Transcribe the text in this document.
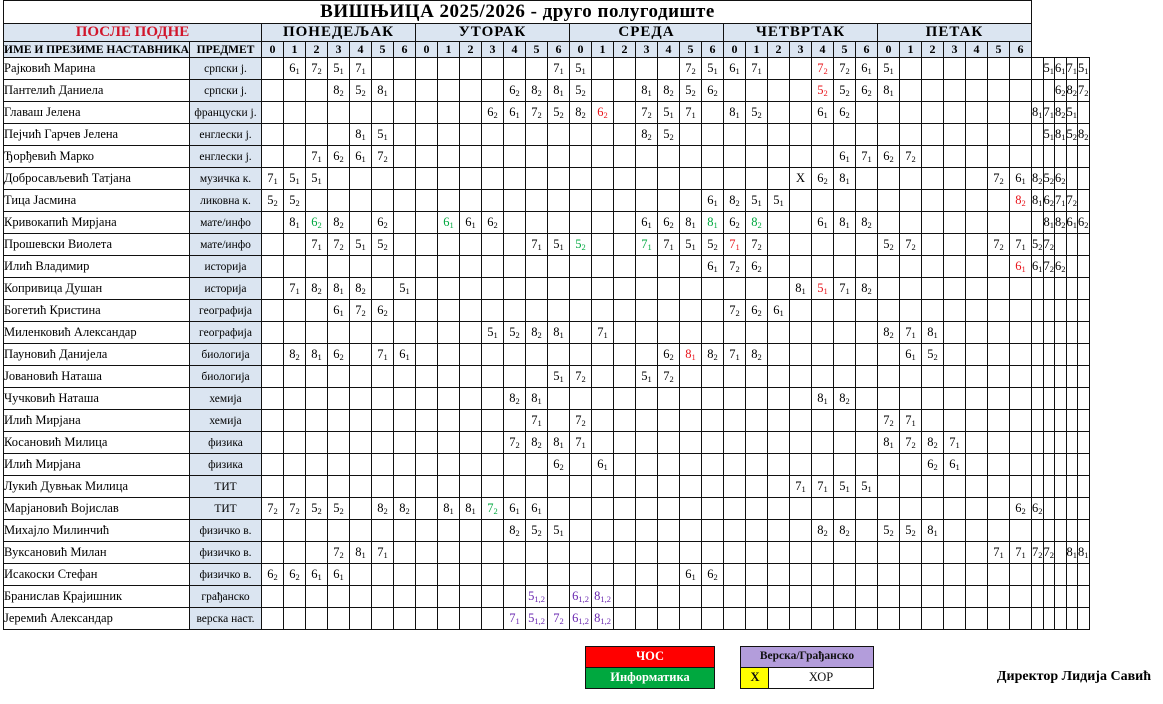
ВИШЊИЦА 2025/2026 - друго полугодиште																																									
ПОСЛЕ ПОДНЕ		ПОНЕДЕЉАК							УТОРАК							СРЕДА							ЧЕТВРТАК							ПЕТАК											
ИМЕ И ПРЕЗИМЕ НАСТАВНИКА	ПРЕДМЕТ	0	1	2	3	4	5	6	0	1	2	3	4	5	6	0	1	2	3	4	5	6	0	1	2	3	4	5	6	0	1	2	3	4	5	6					
Рајковић Марина	српски ј.		$6_1$	$7_2$	$5_1$	$7_1$									$7_1$	$5_1$					$7_2$	$5_1$	$6_1$	$7_1$			$7_2$	$7_2$	$6_1$	$5_1$								$5_1$	$6_1$	$7_1$	$5_1$
Пантелић Даниела	српски ј.				$8_2$	$5_2$	$8_1$						$6_2$	$8_2$	$8_1$	$5_2$			$8_1$	$8_2$	$5_2$	$6_2$					$5_2$	$5_2$	$6_2$	$8_1$									$6_2$	$8_2$	$7_2$
Главаш Јелена	француски ј.											$6_2$	$6_1$	$7_2$	$5_2$	$8_2$	$6_2$		$7_2$	$5_1$	$7_1$		$8_1$	$5_2$			$6_1$	$6_2$									$8_1$	$7_1$	$8_2$	$5_1$	
Пејчић Гарчев Јелена	енглески ј.					$8_1$	$5_1$												$8_2$	$5_2$																		$5_1$	$8_1$	$5_2$	$8_2$
Ђорђевић Марко	енглески ј.			$7_1$	$6_2$	$6_1$	$7_2$																					$6_1$	$7_1$	$6_2$	$7_2$										
Добросављевић Татјана	музичка к.	$7_1$	$5_1$	$5_1$																						X	$6_2$	$8_1$							$7_2$	$6_1$	$8_2$	$5_2$	$6_2$		
Тица Јасмина	ликовна к.	$5_2$	$5_2$																			$6_1$	$8_2$	$5_1$	$5_1$											$8_2$	$8_1$	$6_2$	$7_1$	$7_2$	
Кривокапић Мирјана	мате/инфо		$8_1$	$6_2$	$8_2$		$6_2$			$6_1$	$6_1$	$6_2$							$6_1$	$6_2$	$8_1$	$8_1$	$6_2$	$8_2$			$6_1$	$8_1$	$8_2$									$8_1$	$8_2$	$6_1$	$6_2$
Прошевски Виолета	мате/инфо			$7_1$	$7_2$	$5_1$	$5_2$							$7_1$	$5_1$	$5_2$			$7_1$	$7_1$	$5_1$	$5_2$	$7_1$	$7_2$						$5_2$	$7_2$				$7_2$	$7_1$	$5_2$	$7_2$			
Илић Владимир	историја																					$6_1$	$7_2$	$6_2$												$6_1$	$6_1$	$7_2$	$6_2$		
Копривица Душан	историја		$7_1$	$8_2$	$8_1$	$8_2$		$5_1$																		$8_1$	$5_1$	$7_1$	$8_2$												
Богетић Кристина	географија				$6_1$	$7_2$	$6_2$																$7_2$	$6_2$	$6_1$																
Миленковић Александар	географија											$5_1$	$5_2$	$8_2$	$8_1$		$7_1$													$8_2$	$7_1$	$8_1$									
Пауновић Данијела	биологија		$8_2$	$8_1$	$6_2$		$7_1$	$6_1$												$6_2$	$8_1$	$8_2$	$7_1$	$8_2$							$6_1$	$5_2$									
Јовановић Наташа	биологија														$5_1$	$7_2$			$5_1$	$7_2$																					
Чучковић Наташа	хемија												$8_2$	$8_1$													$8_1$	$8_2$													
Илић Мирјана	хемија													$7_1$		$7_2$														$7_2$	$7_1$										
Косановић Милица	физика												$7_2$	$8_2$	$8_1$	$7_1$														$8_1$	$7_2$	$8_2$	$7_1$								
Илић Мирјана	физика														$6_2$		$6_1$															$6_2$	$6_1$								
Лукић Дувњак Милица	ТИТ																									$7_1$	$7_1$	$5_1$	$5_1$												
Марјановић Војислав	ТИТ	$7_2$	$7_2$	$5_2$	$5_2$		$8_2$	$8_2$		$8_1$	$8_1$	$7_2$	$6_1$	$6_1$																						$6_2$	$6_2$				
Михајло Милинчић	физичко в.												$8_2$	$5_2$	$5_1$												$8_2$	$8_2$		$5_2$	$5_2$	$8_1$									
Вуксановић Милан	физичко в.				$7_2$	$8_1$	$7_1$																												$7_1$	$7_1$	$7_2$	$7_2$		$8_1$	$8_1$
Исакоски Стефан	физичко в.	$6_2$	$6_2$	$6_1$	$6_1$																$6_1$	$6_2$																			
Бранислав Крајишник	грађанско													$5_{1,2}$		$6_{1,2}$	$8_{1,2}$																								
Јеремић Александар	верска наст.												$7_1$	$5_{1,2}$	$7_2$	$6_{1,2}$	$8_{1,2}$																								
ЧОС
Информатика
Верска/Грађанско
X	ХОР	Директор Лидија Савић
